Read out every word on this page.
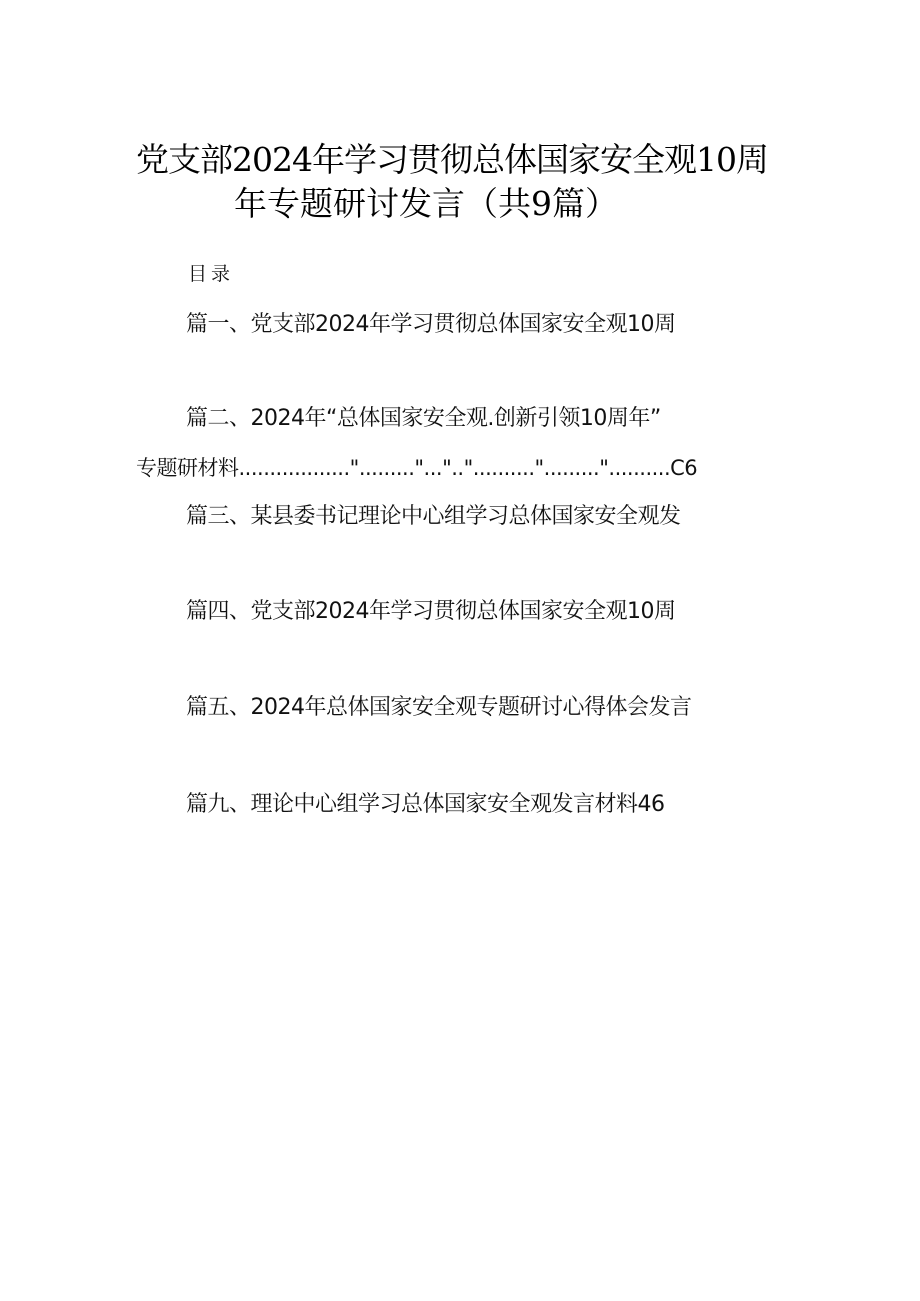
党支部2024年学习贯彻总体国家安全观10周
年专题研讨发言（共9篇）
目录
篇一、党支部2024年学习贯彻总体国家安全观10周
篇二、2024年“总体国家安全观.创新引领10周年”
专题研材料.................."........."..."..".........."........."..........C6
篇三、某县委书记理论中心组学习总体国家安全观发
篇四、党支部2024年学习贯彻总体国家安全观10周
篇五、2024年总体国家安全观专题研讨心得体会发言
篇九、理论中心组学习总体国家安全观发言材料46
